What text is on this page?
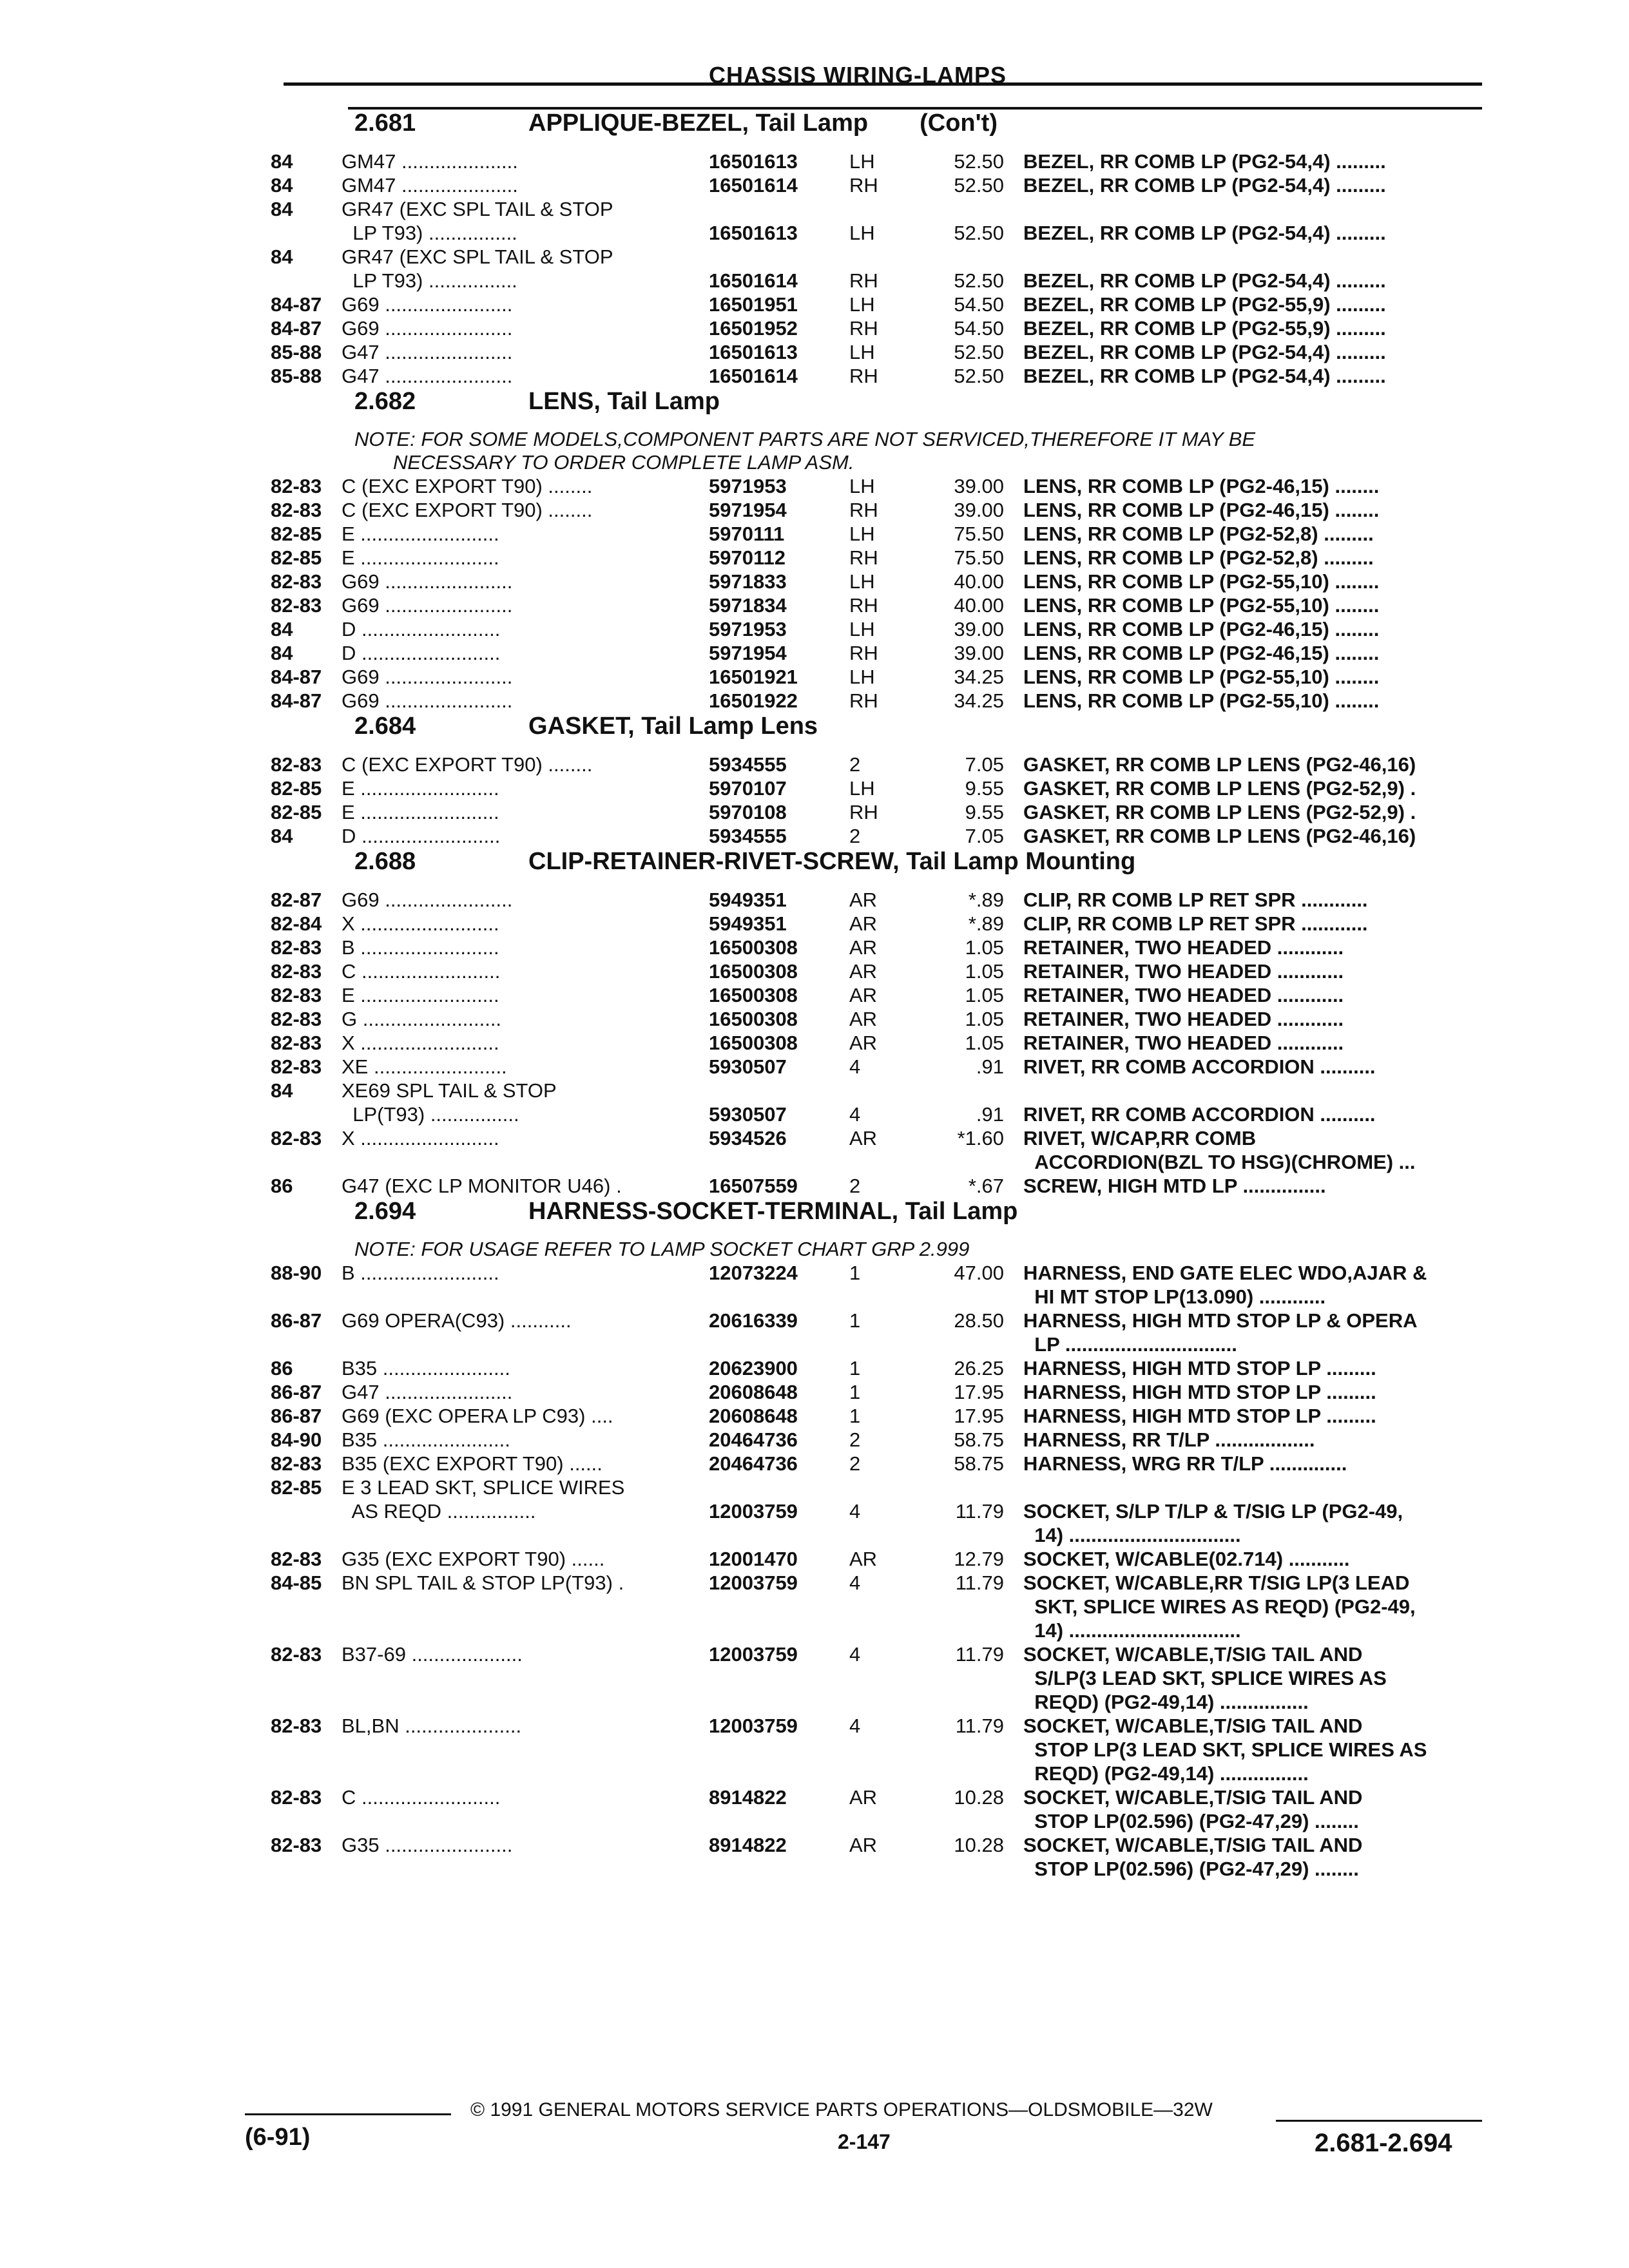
CHASSIS WIRING-LAMPS
2.681	APPLIQUE-BEZEL, Tail Lamp (Con't)
84	GM47 .....................	16501613	LH	52.50 BEZEL, RR COMB LP (PG2-54,4) .........
84	GM47 .....................	16501614	RH	52.50 BEZEL, RR COMB LP (PG2-54,4) .........
84	GR47 (EXC SPL TAIL & STOP
LP T93) ................	16501613	LH	52.50 BEZEL, RR COMB LP (PG2-54,4) .........
84	GR47 (EXC SPL TAIL & STOP
LP T93) ................	16501614	RH	52.50 BEZEL, RR COMB LP (PG2-54,4) .........
84-87 G69 .......................	16501951	LH	54.50 BEZEL, RR COMB LP (PG2-55,9) .........
84-87 G69 .......................	16501952	RH	54.50 BEZEL, RR COMB LP (PG2-55,9) .........
85-88 G47 .......................	16501613	LH	52.50 BEZEL, RR COMB LP (PG2-54,4) .........
85-88 G47 .......................	16501614	RH	52.50 BEZEL, RR COMB LP (PG2-54,4) .........
2.682	LENS, Tail Lamp
NOTE: FOR SOME MODELS,COMPONENT PARTS ARE NOT SERVICED,THEREFORE IT MAY BE
NECESSARY TO ORDER COMPLETE LAMP ASM.
82-83 C (EXC EXPORT T90) ........	5971953	LH	39.00 LENS, RR COMB LP (PG2-46,15) ........
82-83 C (EXC EXPORT T90) ........	5971954	RH	39.00 LENS, RR COMB LP (PG2-46,15) ........
82-85 E .........................	5970111	LH	75.50 LENS, RR COMB LP (PG2-52,8) .........
82-85 E .........................	5970112	RH	75.50 LENS, RR COMB LP (PG2-52,8) .........
82-83 G69 .......................	5971833	LH	40.00 LENS, RR COMB LP (PG2-55,10) ........
82-83 G69 .......................	5971834	RH	40.00 LENS, RR COMB LP (PG2-55,10) ........
84	D .........................	5971953	LH	39.00 LENS, RR COMB LP (PG2-46,15) ........
84	D .........................	5971954	RH	39.00 LENS, RR COMB LP (PG2-46,15) ........
84-87 G69 .......................	16501921	LH	34.25 LENS, RR COMB LP (PG2-55,10) ........
84-87 G69 .......................	16501922	RH	34.25 LENS, RR COMB LP (PG2-55,10) ........
2.684	GASKET, Tail Lamp Lens
82-83 C (EXC EXPORT T90) ........	5934555	2	7.05 GASKET, RR COMB LP LENS (PG2-46,16)
82-85 E .........................	5970107	LH	9.55 GASKET, RR COMB LP LENS (PG2-52,9) .
82-85 E .........................	5970108	RH	9.55 GASKET, RR COMB LP LENS (PG2-52,9) .
84	D .........................	5934555	2	7.05 GASKET, RR COMB LP LENS (PG2-46,16)
2.688	CLIP-RETAINER-RIVET-SCREW, Tail Lamp Mounting
82-87 G69 .......................	5949351	AR	*.89 CLIP, RR COMB LP RET SPR ............
82-84 X .........................	5949351	AR	*.89 CLIP, RR COMB LP RET SPR ............
82-83 B .........................	16500308	AR	1.05 RETAINER, TWO HEADED ............
82-83 C .........................	16500308	AR	1.05 RETAINER, TWO HEADED ............
82-83 E .........................	16500308	AR	1.05 RETAINER, TWO HEADED ............
82-83 G .........................	16500308	AR	1.05 RETAINER, TWO HEADED ............
82-83 X .........................	16500308	AR	1.05 RETAINER, TWO HEADED ............
82-83 XE ........................	5930507	4	.91 RIVET, RR COMB ACCORDION ..........
84	XE69 SPL TAIL & STOP
LP(T93) ................	5930507	4	.91 RIVET, RR COMB ACCORDION ..........
82-83 X .........................	5934526	AR	*1.60 RIVET, W/CAP,RR COMB
ACCORDION(BZL TO HSG)(CHROME) ...
86	G47 (EXC LP MONITOR U46) .	16507559	2	*.67 SCREW, HIGH MTD LP ...............
2.694	HARNESS-SOCKET-TERMINAL, Tail Lamp
NOTE: FOR USAGE REFER TO LAMP SOCKET CHART GRP 2.999
88-90 B .........................	12073224	1	47.00 HARNESS, END GATE ELEC WDO,AJAR &
HI MT STOP LP(13.090) ............
86-87 G69 OPERA(C93) ...........	20616339	1	28.50 HARNESS, HIGH MTD STOP LP & OPERA
LP ...............................
86	B35 .......................	20623900	1	26.25 HARNESS, HIGH MTD STOP LP .........
86-87 G47 .......................	20608648	1	17.95 HARNESS, HIGH MTD STOP LP .........
86-87 G69 (EXC OPERA LP C93) ....	20608648	1	17.95 HARNESS, HIGH MTD STOP LP .........
84-90 B35 .......................	20464736	2	58.75 HARNESS, RR T/LP ..................
82-83 B35 (EXC EXPORT T90) ......	20464736	2	58.75 HARNESS, WRG RR T/LP ..............
82-85 E 3 LEAD SKT, SPLICE WIRES
AS REQD ................	12003759	4	11.79 SOCKET, S/LP T/LP & T/SIG LP (PG2-49,
14) ...............................
82-83 G35 (EXC EXPORT T90) ......	12001470	AR	12.79 SOCKET, W/CABLE(02.714) ...........
84-85 BN SPL TAIL & STOP LP(T93) .	12003759	4	11.79 SOCKET, W/CABLE,RR T/SIG LP(3 LEAD
SKT, SPLICE WIRES AS REQD) (PG2-49,
14) ...............................
82-83 B37-69 ....................	12003759	4	11.79 SOCKET, W/CABLE,T/SIG TAIL AND
S/LP(3 LEAD SKT, SPLICE WIRES AS
REQD) (PG2-49,14) ................
82-83 BL,BN .....................	12003759	4	11.79 SOCKET, W/CABLE,T/SIG TAIL AND
STOP LP(3 LEAD SKT, SPLICE WIRES AS
REQD) (PG2-49,14) ................
82-83 C .........................	8914822	AR	10.28 SOCKET, W/CABLE,T/SIG TAIL AND
STOP LP(02.596) (PG2-47,29) ........
82-83 G35 .......................	8914822	AR	10.28 SOCKET, W/CABLE,T/SIG TAIL AND
STOP LP(02.596) (PG2-47,29) ........
© 1991 GENERAL MOTORS SERVICE PARTS OPERATIONS—OLDSMOBILE—32W
(6-91)	2-147	2.681-2.694
